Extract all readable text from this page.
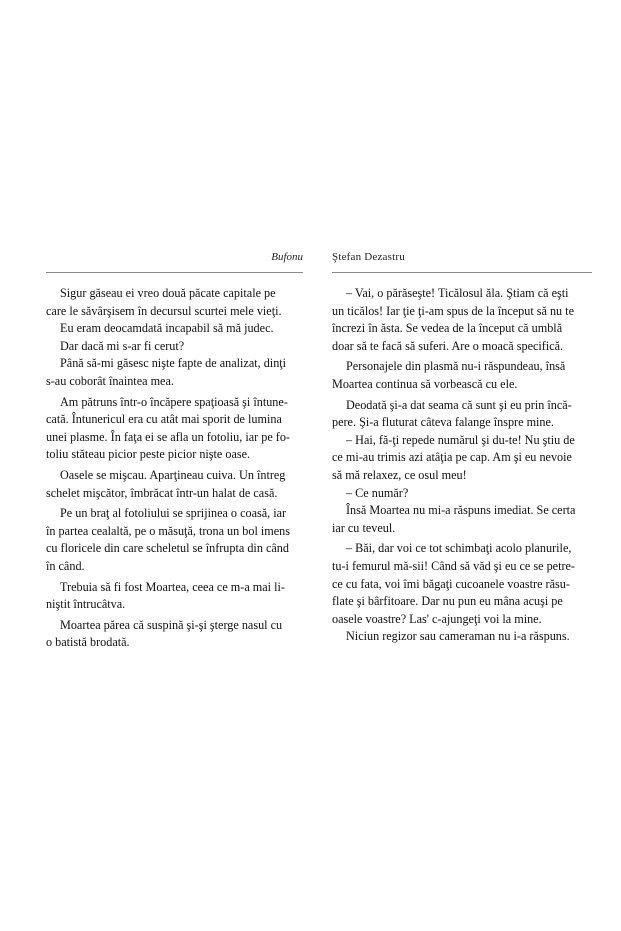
Bufonu
Sigur găseau ei vreo două păcate capitale pe
care le săvârşisem în decursul scurtei mele vieţi.
Eu eram deocamdată incapabil să mă judec.
Dar dacă mi s-ar fi cerut?
Până să-mi găsesc nişte fapte de analizat, dinţi
s-au coborât înaintea mea.
Am pătruns într-o încăpere spaţioasă şi întune-
cată. Întunericul era cu atât mai sporit de lumina
unei plasme. În faţa ei se afla un fotoliu, iar pe fo-
toliu stăteau picior peste picior nişte oase.
Oasele se mişcau. Aparţineau cuiva. Un întreg
schelet mişcător, îmbrăcat într-un halat de casă.
Pe un braţ al fotoliului se sprijinea o coasă, iar
în partea cealaltă, pe o măsuţă, trona un bol imens
cu floricele din care scheletul se înfrupta din când
în când.
Trebuia să fi fost Moartea, ceea ce m-a mai li-
niştit întrucâtva.
Moartea părea că suspină şi-şi şterge nasul cu
o batistă brodată.
Ştefan Dezastru
– Vai, o părăseşte! Ticălosul ăla. Ştiam că eşti
un ticălos! Iar ţie ţi-am spus de la început să nu te
încrezi în ăsta. Se vedea de la început că umblă
doar să te facă să suferi. Are o moacă specifică.
Personajele din plasmă nu-i răspundeau, însă
Moartea continua să vorbească cu ele.
Deodată şi-a dat seama că sunt şi eu prin încă-
pere. Şi-a fluturat câteva falange înspre mine.
– Hai, fă-ţi repede numărul şi du-te! Nu ştiu de
ce mi-au trimis azi atâţia pe cap. Am şi eu nevoie
să mă relaxez, ce osul meu!
– Ce număr?
Însă Moartea nu mi-a răspuns imediat. Se certa
iar cu teveul.
– Băi, dar voi ce tot schimbaţi acolo planurile,
tu-i femurul mă-sii! Când să văd şi eu ce se petre-
ce cu fata, voi îmi băgaţi cucoanele voastre răsu-
flate şi bârfitoare. Dar nu pun eu mâna acuşi pe
oasele voastre? Las' c-ajungeţi voi la mine.
Niciun regizor sau cameraman nu i-a răspuns.
